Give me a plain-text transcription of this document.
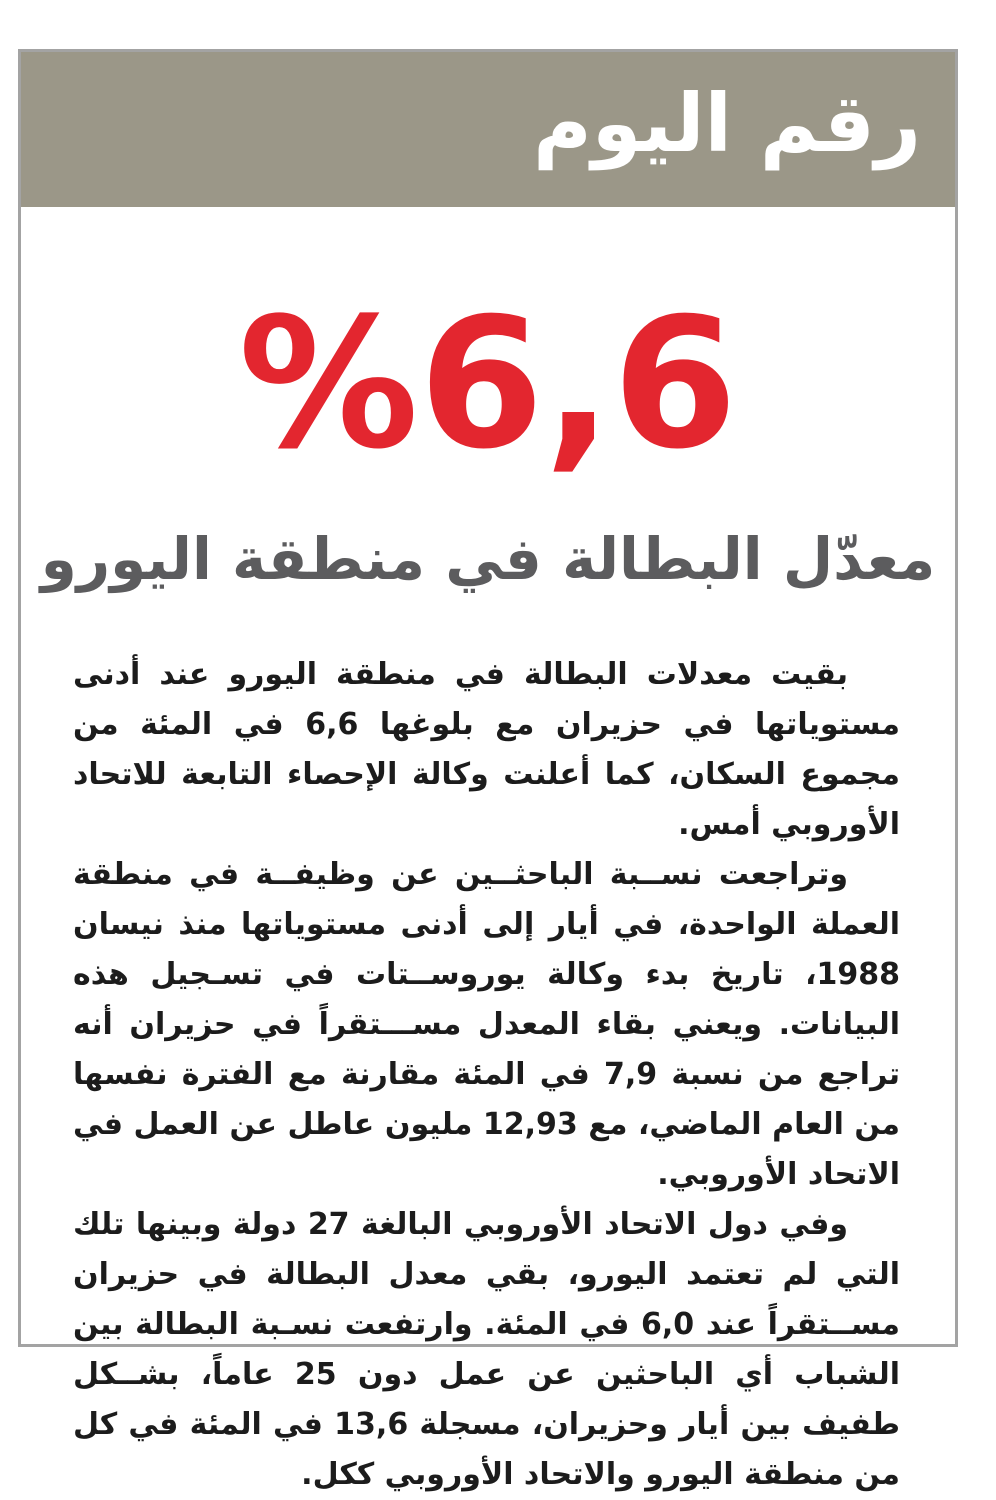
رقم اليوم
%6,6
معدّل البطالة في منطقة اليورو

بقيت معدلات البطالة في منطقة اليورو عند أدنى مستوياتها في حزيران مع بلوغها 6,6 في المئة من مجموع السكان، كما أعلنت وكالة الإحصاء التابعة للاتحاد الأوروبي أمس.

وتراجعت نســبة الباحثــين عن وظيفــة في منطقة العملة الواحدة، في أيار إلى أدنى مستوياتها منذ نيسان 1988، تاريخ بدء وكالة يوروســتات في تسـجيل هذه البيانات. ويعني بقاء المعدل مســـتقراً في حزيران أنه تراجع من نسبة 7,9 في المئة مقارنة مع الفترة نفسها من العام الماضي، مع 12,93 مليون عاطل عن العمل في الاتحاد الأوروبي.

وفي دول الاتحاد الأوروبي البالغة 27 دولة وبينها تلك التي لم تعتمد اليورو، بقي معدل البطالة في حزيران مســتقراً عند 6,0 في المئة. وارتفعت نسـبة البطالة بين الشباب أي الباحثين عن عمل دون 25 عاماً، بشــكل طفيف بين أيار وحزيران، مسجلة 13,6 في المئة في كل من منطقة اليورو والاتحاد الأوروبي ككل.
